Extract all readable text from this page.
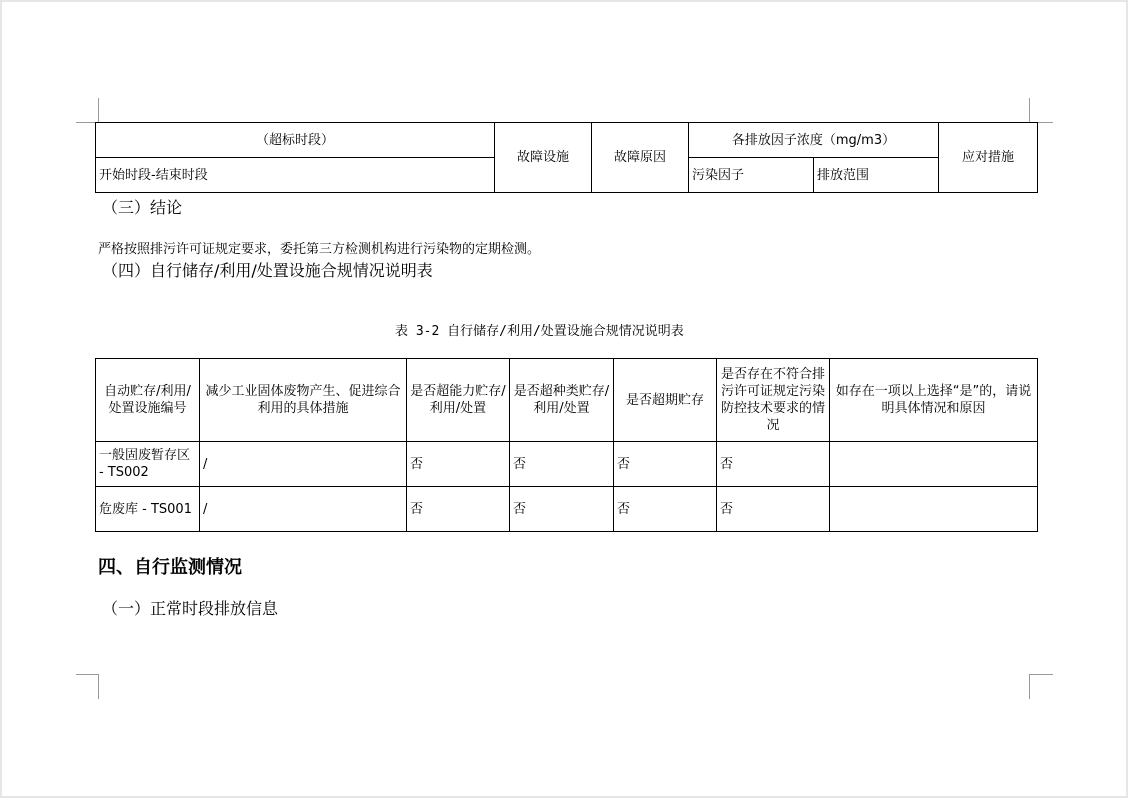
（超标时段）	故障设施	故障原因	各排放因子浓度（mg/m3）		应对措施
开始时段-结束时段			污染因子	排放范围	
（三）结论
严格按照排污许可证规定要求，委托第三方检测机构进行污染物的定期检测。
（四）自行储存/利用/处置设施合规情况说明表
表 3-2 自行储存/利用/处置设施合规情况说明表
自动贮存/利用/处置设施编号	减少工业固体废物产生、促进综合利用的具体措施	是否超能力贮存/利用/处置	是否超种类贮存/利用/处置	是否超期贮存	是否存在不符合排污许可证规定污染防控技术要求的情况	如存在一项以上选择“是”的，请说明具体情况和原因
一般固废暂存区 - TS002	/	否	否	否	否	
危废库 - TS001	/	否	否	否	否	
四、自行监测情况
（一）正常时段排放信息
